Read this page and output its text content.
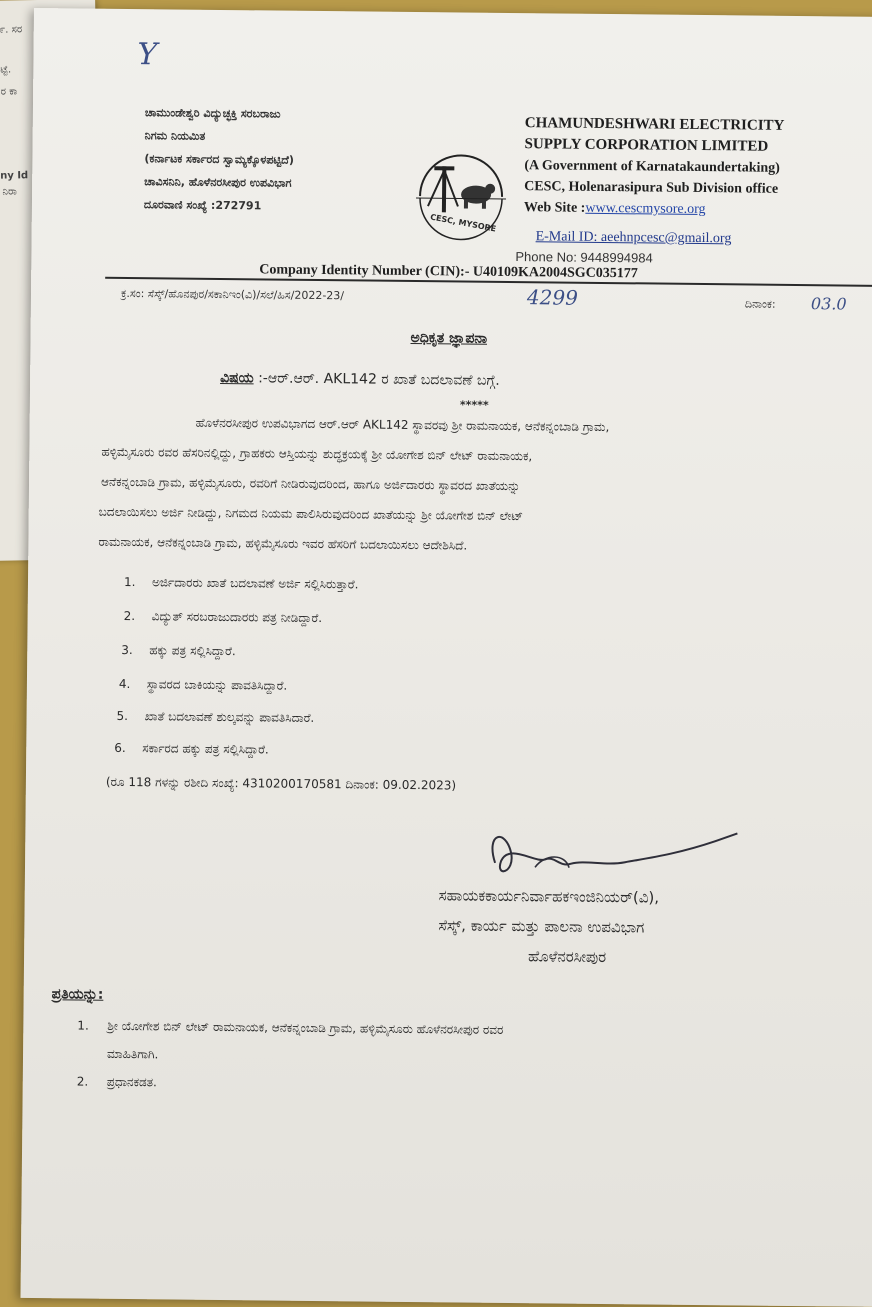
೯. ಸರ
ಟ್ಟೆ.
ರ ಕಾ
ny Id
ನಿರಾ
Y
ಚಾಮುಂಡೇಶ್ವರಿ ವಿದ್ಯುಚ್ಛಕ್ತಿ ಸರಬರಾಜು
ನಿಗಮ ನಿಯಮಿತ
(ಕರ್ನಾಟಕ ಸರ್ಕಾರದ ಸ್ವಾಮ್ಯಕ್ಕೊಳಪಟ್ಟಿದೆ)
ಚಾವಿಸನಿನಿ, ಹೊಳೆನರಸೀಪುರ ಉಪವಿಭಾಗ
ದೂರವಾಣಿ ಸಂಖ್ಯೆ :272791
CESC, MYSORE
CHAMUNDESHWARI ELECTRICITY
SUPPLY CORPORATION LIMITED
(A Government of Karnatakaundertaking)
CESC, Holenarasipura Sub Division office
Web Site :www.cescmysore.org
E-Mail ID: aeehnpcesc@gmail.org
Phone No: 9448994984
Company Identity Number (CIN):- U40109KA2004SGC035177
ಕ್ರ.ಸಂ: ಸೆಸ್ಕ್/ಹೊನಪುರ/ಸಕಾನಿಇಂ(ವಿ)/ಸಲೆ/ಹಿಸ/2022-23/	4299	ದಿನಾಂಕ: 03.0
ಅಧಿಕೃತ ಜ್ಞಾಪನಾ
ವಿಷಯ :-ಆರ್.ಆರ್. AKL142 ರ ಖಾತೆ ಬದಲಾವಣೆ ಬಗ್ಗೆ.
*****
ಹೊಳೆನರಸೀಪುರ ಉಪವಿಭಾಗದ ಆರ್.ಆರ್ AKL142 ಸ್ಥಾವರವು ಶ್ರೀ ರಾಮನಾಯಕ, ಆನೆಕನ್ನಂಬಾಡಿ ಗ್ರಾಮ,
ಹಳ್ಳಿಮೈಸೂರು ರವರ ಹೆಸರಿನಲ್ಲಿದ್ದು, ಗ್ರಾಹಕರು ಆಸ್ತಿಯನ್ನು ಶುದ್ಧಕ್ರಯಕ್ಕೆ ಶ್ರೀ ಯೋಗೇಶ ಬಿನ್ ಲೇಟ್ ರಾಮನಾಯಕ,
ಆನೆಕನ್ನಂಬಾಡಿ ಗ್ರಾಮ, ಹಳ್ಳಿಮೈಸೂರು, ರವರಿಗೆ ನೀಡಿರುವುದರಿಂದ, ಹಾಗೂ ಅರ್ಜಿದಾರರು ಸ್ಥಾವರದ ಖಾತೆಯನ್ನು
ಬದಲಾಯಿಸಲು ಅರ್ಜಿ ನೀಡಿದ್ದು, ನಿಗಮದ ನಿಯಮ ಪಾಲಿಸಿರುವುದರಿಂದ ಖಾತೆಯನ್ನು ಶ್ರೀ ಯೋಗೇಶ ಬಿನ್ ಲೇಟ್
ರಾಮನಾಯಕ, ಆನೆಕನ್ನಂಬಾಡಿ ಗ್ರಾಮ, ಹಳ್ಳಿಮೈಸೂರು ಇವರ ಹೆಸರಿಗೆ ಬದಲಾಯಿಸಲು ಆದೇಶಿಸಿದೆ.
1. ಅರ್ಜಿದಾರರು ಖಾತೆ ಬದಲಾವಣೆ ಅರ್ಜಿ ಸಲ್ಲಿಸಿರುತ್ತಾರೆ.
2. ವಿದ್ಯುತ್ ಸರಬರಾಜುದಾರರು ಪತ್ರ ನೀಡಿದ್ದಾರೆ.
3. ಹಕ್ಕು ಪತ್ರ ಸಲ್ಲಿಸಿದ್ದಾರೆ.
4. ಸ್ಥಾವರದ ಬಾಕಿಯನ್ನು ಪಾವತಿಸಿದ್ದಾರೆ.
5. ಖಾತೆ ಬದಲಾವಣೆ ಶುಲ್ಕವನ್ನು ಪಾವತಿಸಿದಾರೆ.
6. ಸರ್ಕಾರದ ಹಕ್ಕು ಪತ್ರ ಸಲ್ಲಿಸಿದ್ದಾರೆ.
(ರೂ 118 ಗಳನ್ನು ರಶೀದಿ ಸಂಖ್ಯೆ: 4310200170581 ದಿನಾಂಕ: 09.02.2023)
ಸಹಾಯಕಕಾರ್ಯನಿರ್ವಾಹಕಇಂಜಿನಿಯರ್(ವಿ),
ಸೆಸ್ಕ್, ಕಾರ್ಯ ಮತ್ತು ಪಾಲನಾ ಉಪವಿಭಾಗ
ಹೊಳೆನರಸೀಪುರ
ಪ್ರತಿಯನ್ನು:
1. ಶ್ರೀ ಯೋಗೇಶ ಬಿನ್ ಲೇಟ್ ರಾಮನಾಯಕ, ಆನೆಕನ್ನಂಬಾಡಿ ಗ್ರಾಮ, ಹಳ್ಳಿಮೈಸೂರು ಹೊಳೆನರಸೀಪುರ ರವರ
ಮಾಹಿತಿಗಾಗಿ.
2. ಪ್ರಧಾನಕಡತ.
